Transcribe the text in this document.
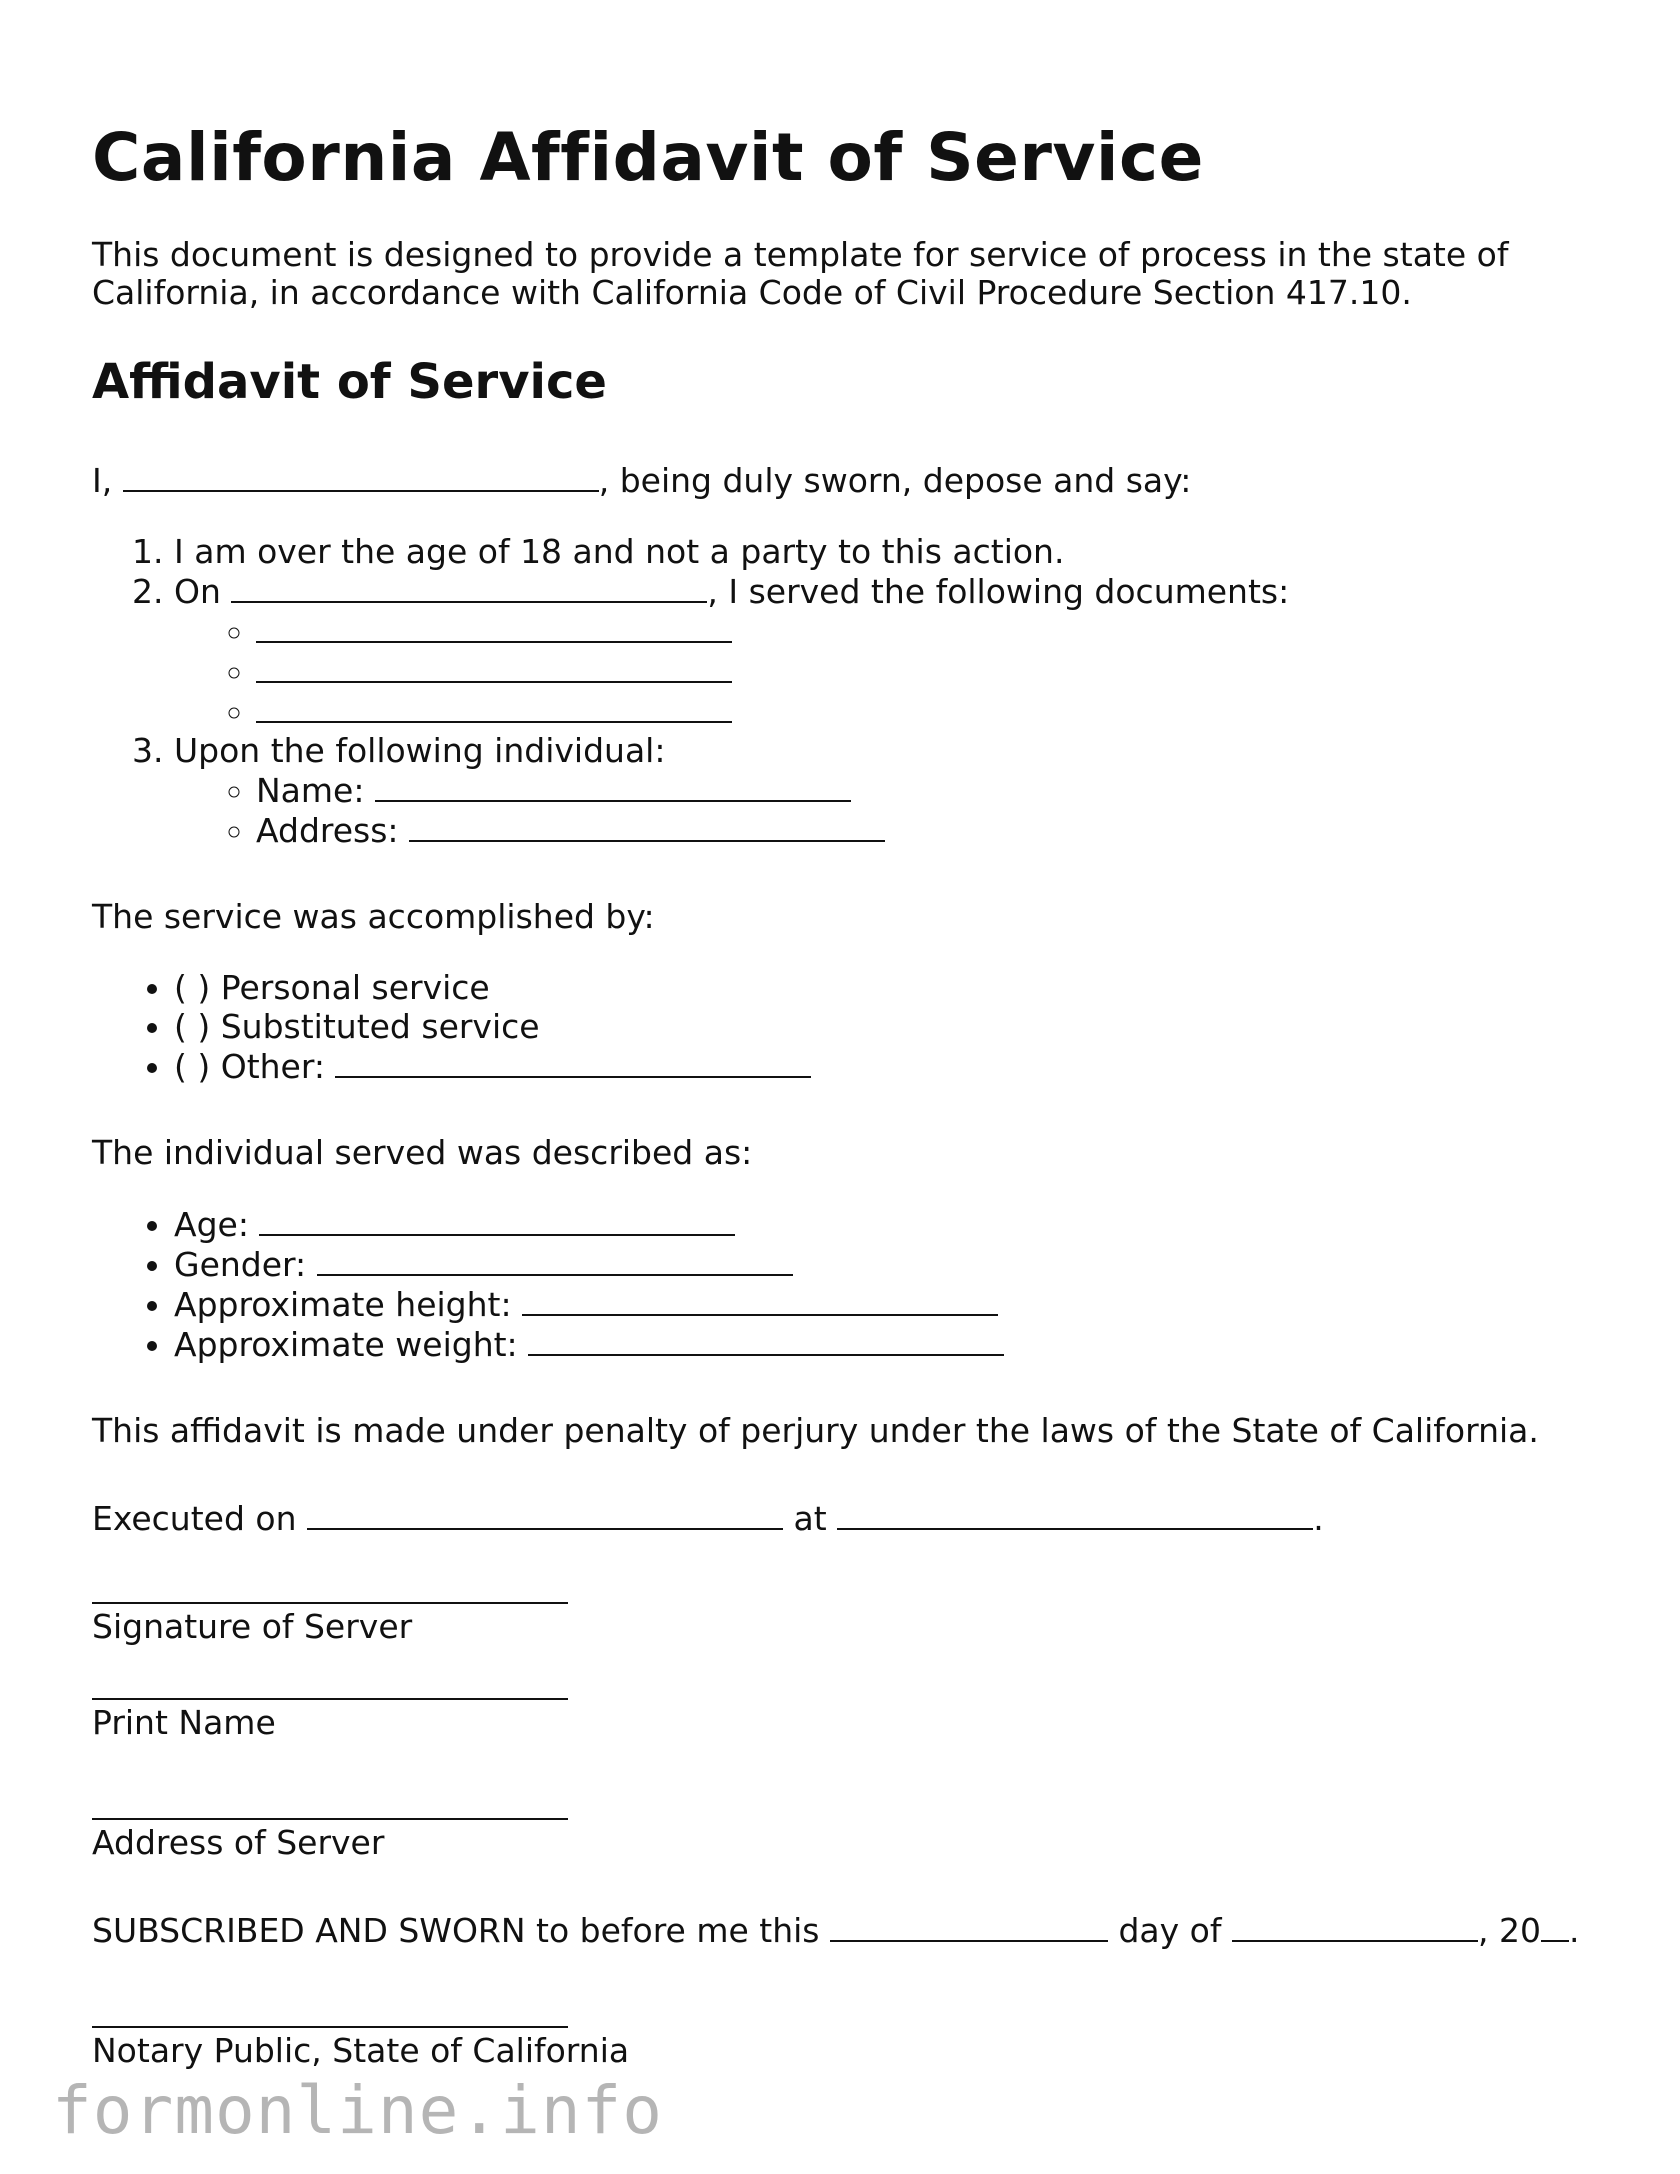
California Affidavit of Service

This document is designed to provide a template for service of process in the state of California, in accordance with California Code of Civil Procedure Section 417.10.

Affidavit of Service

I,	, being duly sworn, depose and say:

1. I am over the age of 18 and not a party to this action.
2. On	, I served the following documents:
◦
◦
◦
3. Upon the following individual:
◦ Name:
◦ Address:

The service was accomplished by:

• ( ) Personal service
• ( ) Substituted service
• ( ) Other:

The individual served was described as:

• Age:
• Gender:
• Approximate height:
• Approximate weight:

This affidavit is made under penalty of perjury under the laws of the State of California.

Executed on	at	.

Signature of Server
Print Name
Address of Server

SUBSCRIBED AND SWORN to before me this	day of	, 20 .

Notary Public, State of California
formonline.info
